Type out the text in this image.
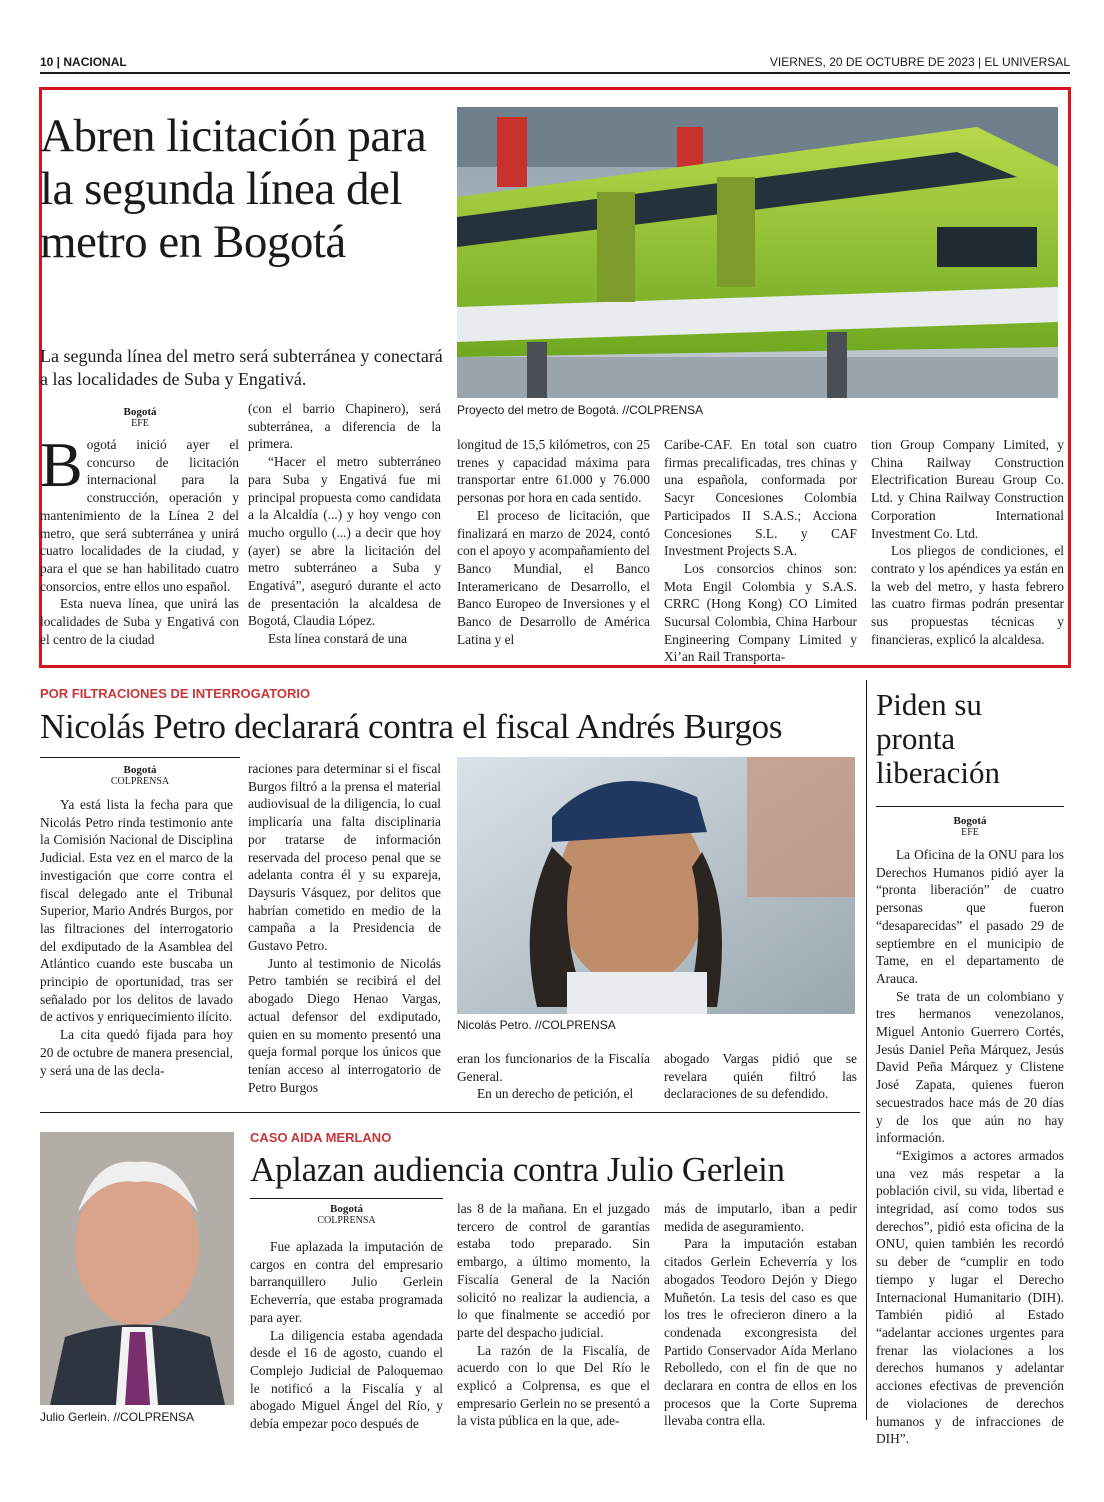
10 | NACIONAL	VIERNES, 20 DE OCTUBRE DE 2023 | EL UNIVERSAL
Abren licitación para la segunda línea del metro en Bogotá
La segunda línea del metro será subterránea y conectará a las localidades de Suba y Engativá.
Proyecto del metro de Bogotá. //COLPRENSA
Bogotá
EFE

Bogotá inició ayer el concurso de licitación internacional para la construcción, operación y mantenimiento de la Línea 2 del metro, que será subterránea y unirá cuatro localidades de la ciudad, y para el que se han habilitado cuatro consorcios, entre ellos uno español.

Esta nueva línea, que unirá las localidades de Suba y Engativá con el centro de la ciudad

(con el barrio Chapinero), será subterránea, a diferencia de la primera.

“Hacer el metro subterráneo para Suba y Engativá fue mi principal propuesta como candidata a la Alcaldía (...) y hoy vengo con mucho orgullo (...) a decir que hoy (ayer) se abre la licitación del metro subterráneo a Suba y Engativá”, aseguró durante el acto de presentación la alcaldesa de Bogotá, Claudia López.

Esta línea constará de una

longitud de 15,5 kilómetros, con 25 trenes y capacidad máxima para transportar entre 61.000 y 76.000 personas por hora en cada sentido.

El proceso de licitación, que finalizará en marzo de 2024, contó con el apoyo y acompañamiento del Banco Mundial, el Banco Interamericano de Desarrollo, el Banco Europeo de Inversiones y el Banco de Desarrollo de América Latina y el

Caribe-CAF. En total son cuatro firmas precalificadas, tres chinas y una española, conformada por Sacyr Concesiones Colombia Participados II S.A.S.; Acciona Concesiones S.L. y CAF Investment Projects S.A.

Los consorcios chinos son: Mota Engil Colombia y S.A.S. CRRC (Hong Kong) CO Limited Sucursal Colombia, China Harbour Engineering Company Limited y Xi’an Rail Transporta-

tion Group Company Limited, y China Railway Construction Electrification Bureau Group Co. Ltd. y China Railway Construction Corporation International Investment Co. Ltd.

Los pliegos de condiciones, el contrato y los apéndices ya están en la web del metro, y hasta febrero las cuatro firmas podrán presentar sus propuestas técnicas y financieras, explicó la alcaldesa.

POR FILTRACIONES DE INTERROGATORIO
Nicolás Petro declarará contra el fiscal Andrés Burgos
Bogotá
COLPRENSA

Ya está lista la fecha para que Nicolás Petro rinda testimonio ante la Comisión Nacional de Disciplina Judicial. Esta vez en el marco de la investigación que corre contra el fiscal delegado ante el Tribunal Superior, Mario Andrés Burgos, por las filtraciones del interrogatorio del exdiputado de la Asamblea del Atlántico cuando este buscaba un principio de oportunidad, tras ser señalado por los delitos de lavado de activos y enriquecimiento ilícito.

La cita quedó fijada para hoy 20 de octubre de manera presencial, y será una de las decla-

raciones para determinar si el fiscal Burgos filtró a la prensa el material audiovisual de la diligencia, lo cual implicaría una falta disciplinaria por tratarse de información reservada del proceso penal que se adelanta contra él y su expareja, Daysuris Vásquez, por delitos que habrían cometido en medio de la campaña a la Presidencia de Gustavo Petro.

Junto al testimonio de Nicolás Petro también se recibirá el del abogado Diego Henao Vargas, actual defensor del exdiputado, quien en su momento presentó una queja formal porque los únicos que tenían acceso al interrogatorio de Petro Burgos

Nicolás Petro. //COLPRENSA

eran los funcionarios de la Fiscalía General.

En un derecho de petición, el

abogado Vargas pidió que se revelara quién filtró las declaraciones de su defendido.

Piden su pronta liberación
Bogotá
EFE

La Oficina de la ONU para los Derechos Humanos pidió ayer la “pronta liberación” de cuatro personas que fueron “desaparecidas” el pasado 29 de septiembre en el municipio de Tame, en el departamento de Arauca.

Se trata de un colombiano y tres hermanos venezolanos, Miguel Antonio Guerrero Cortés, Jesús Daniel Peña Márquez, Jesús David Peña Márquez y Clistene José Zapata, quienes fueron secuestrados hace más de 20 días y de los que aún no hay información.

“Exigimos a actores armados una vez más respetar a la población civil, su vida, libertad e integridad, así como todos sus derechos”, pidió esta oficina de la ONU, quien también les recordó su deber de “cumplir en todo tiempo y lugar el Derecho Internacional Humanitario (DIH). También pidió al Estado “adelantar acciones urgentes para frenar las violaciones a los derechos humanos y adelantar acciones efectivas de prevención de violaciones de derechos humanos y de infracciones de DIH”.

Julio Gerlein. //COLPRENSA
CASO AIDA MERLANO
Aplazan audiencia contra Julio Gerlein
Bogotá
COLPRENSA

Fue aplazada la imputación de cargos en contra del empresario barranquillero Julio Gerlein Echeverría, que estaba programada para ayer.

La diligencia estaba agendada desde el 16 de agosto, cuando el Complejo Judicial de Paloquemao le notificó a la Fiscalía y al abogado Miguel Ángel del Río, y debía empezar poco después de

las 8 de la mañana. En el juzgado tercero de control de garantías estaba todo preparado. Sin embargo, a último momento, la Fiscalía General de la Nación solicitó no realizar la audiencia, a lo que finalmente se accedió por parte del despacho judicial.

La razón de la Fiscalía, de acuerdo con lo que Del Río le explicó a Colprensa, es que el empresario Gerlein no se presentó a la vista pública en la que, ade-

más de imputarlo, iban a pedir medida de aseguramiento.

Para la imputación estaban citados Gerlein Echeverría y los abogados Teodoro Dejón y Diego Muñetón. La tesis del caso es que los tres le ofrecieron dinero a la condenada excongresista del Partido Conservador Aída Merlano Rebolledo, con el fin de que no declarara en contra de ellos en los procesos que la Corte Suprema llevaba contra ella.
